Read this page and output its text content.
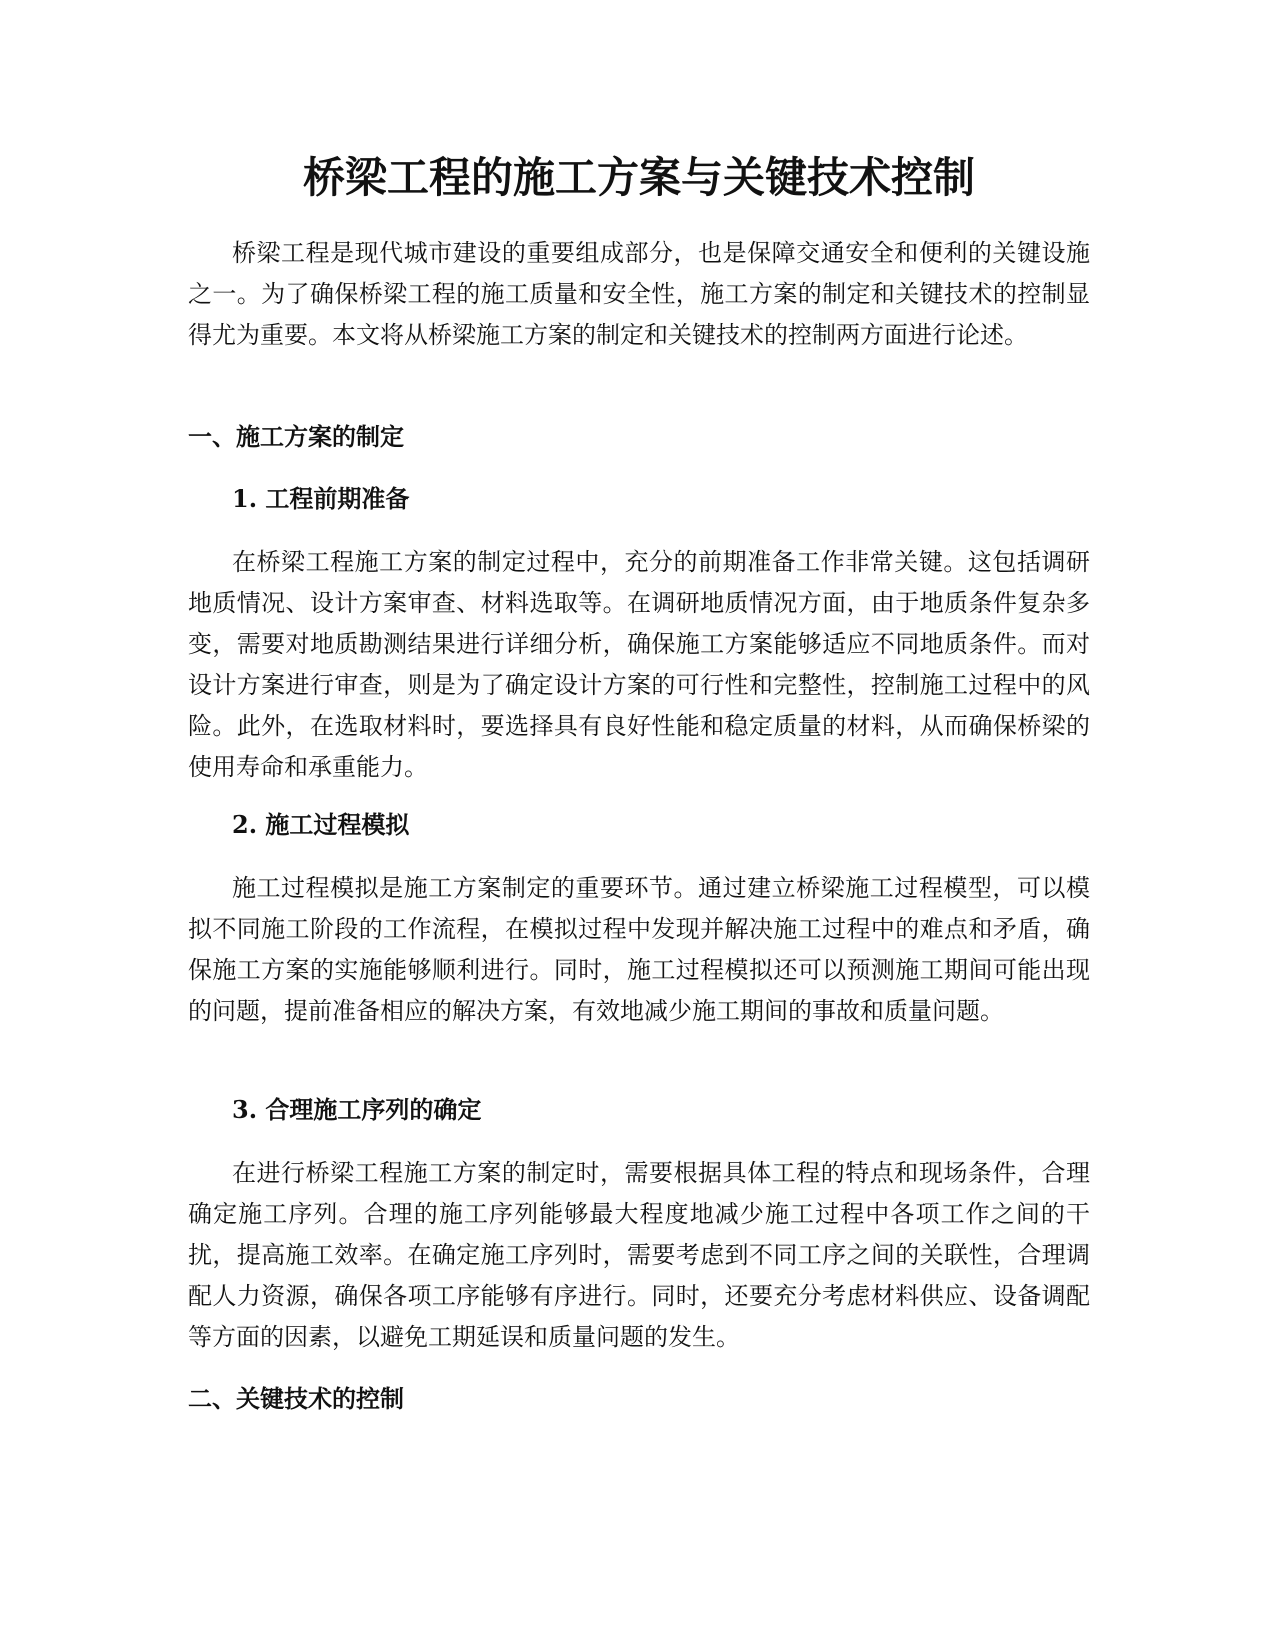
桥梁工程的施工方案与关键技术控制

桥梁工程是现代城市建设的重要组成部分，也是保障交通安全和便利的关键设施之一。为了确保桥梁工程的施工质量和安全性，施工方案的制定和关键技术的控制显得尤为重要。本文将从桥梁施工方案的制定和关键技术的控制两方面进行论述。

一、施工方案的制定
1. 工程前期准备

在桥梁工程施工方案的制定过程中，充分的前期准备工作非常关键。这包括调研地质情况、设计方案审查、材料选取等。在调研地质情况方面，由于地质条件复杂多变，需要对地质勘测结果进行详细分析，确保施工方案能够适应不同地质条件。而对设计方案进行审查，则是为了确定设计方案的可行性和完整性，控制施工过程中的风险。此外，在选取材料时，要选择具有良好性能和稳定质量的材料，从而确保桥梁的使用寿命和承重能力。

2. 施工过程模拟

施工过程模拟是施工方案制定的重要环节。通过建立桥梁施工过程模型，可以模拟不同施工阶段的工作流程，在模拟过程中发现并解决施工过程中的难点和矛盾，确保施工方案的实施能够顺利进行。同时，施工过程模拟还可以预测施工期间可能出现的问题，提前准备相应的解决方案，有效地减少施工期间的事故和质量问题。

3. 合理施工序列的确定

在进行桥梁工程施工方案的制定时，需要根据具体工程的特点和现场条件，合理确定施工序列。合理的施工序列能够最大程度地减少施工过程中各项工作之间的干扰，提高施工效率。在确定施工序列时，需要考虑到不同工序之间的关联性，合理调配人力资源，确保各项工序能够有序进行。同时，还要充分考虑材料供应、设备调配等方面的因素，以避免工期延误和质量问题的发生。

二、关键技术的控制
